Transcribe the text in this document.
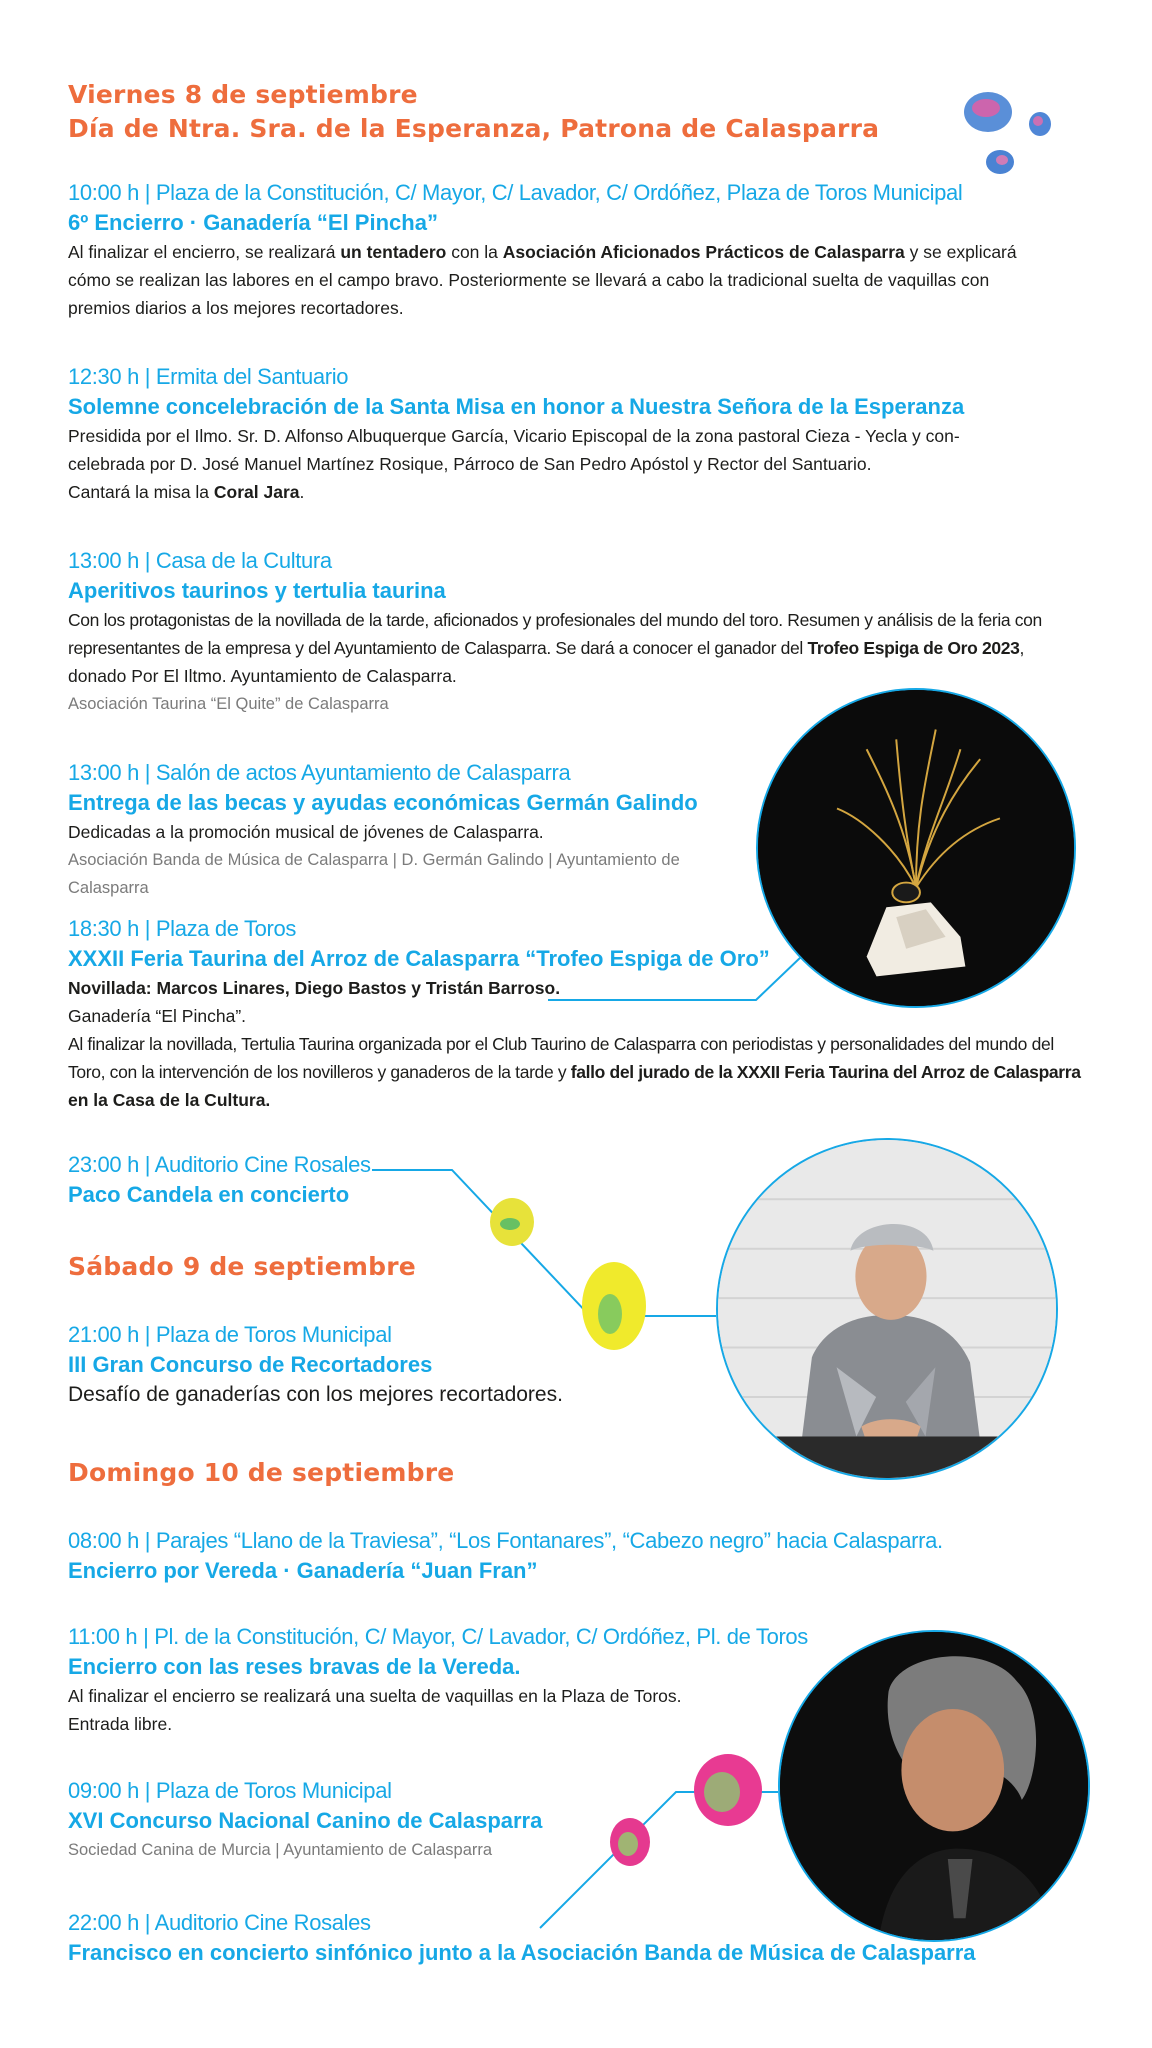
Viernes 8 de septiembre
Día de Ntra. Sra. de la Esperanza, Patrona de Calasparra
10:00 h | Plaza de la Constitución, C/ Mayor, C/ Lavador, C/ Ordóñez, Plaza de Toros Municipal
6º Encierro · Ganadería “El Pincha”
Al finalizar el encierro, se realizará un tentadero con la Asociación Aficionados Prácticos de Calasparra y se explicará
cómo se realizan las labores en el campo bravo. Posteriormente se llevará a cabo la tradicional suelta de vaquillas con
premios diarios a los mejores recortadores.
12:30 h | Ermita del Santuario
Solemne concelebración de la Santa Misa en honor a Nuestra Señora de la Esperanza
Presidida por el Ilmo. Sr. D. Alfonso Albuquerque García, Vicario Episcopal de la zona pastoral Cieza - Yecla y con-
celebrada por D. José Manuel Martínez Rosique, Párroco de San Pedro Apóstol y Rector del Santuario.
Cantará la misa la Coral Jara.
13:00 h | Casa de la Cultura
Aperitivos taurinos y tertulia taurina
Con los protagonistas de la novillada de la tarde, aficionados y profesionales del mundo del toro. Resumen y análisis de la feria con
representantes de la empresa y del Ayuntamiento de Calasparra. Se dará a conocer el ganador del Trofeo Espiga de Oro 2023,
donado Por El Iltmo. Ayuntamiento de Calasparra.
Asociación Taurina “El Quite” de Calasparra
13:00 h | Salón de actos Ayuntamiento de Calasparra
Entrega de las becas y ayudas económicas Germán Galindo
Dedicadas a la promoción musical de jóvenes de Calasparra.
Asociación Banda de Música de Calasparra | D. Germán Galindo | Ayuntamiento de Calasparra
18:30 h | Plaza de Toros
XXXII Feria Taurina del Arroz de Calasparra “Trofeo Espiga de Oro”
Novillada: Marcos Linares, Diego Bastos y Tristán Barroso.
Ganadería “El Pincha”.
Al finalizar la novillada, Tertulia Taurina organizada por el Club Taurino de Calasparra con periodistas y personalidades del mundo del
Toro, con la intervención de los novilleros y ganaderos de la tarde y fallo del jurado de la XXXII Feria Taurina del Arroz de Calasparra
en la Casa de la Cultura.
23:00 h | Auditorio Cine Rosales
Paco Candela en concierto
Sábado 9 de septiembre
21:00 h | Plaza de Toros Municipal
III Gran Concurso de Recortadores
Desafío de ganaderías con los mejores recortadores.
Domingo 10 de septiembre
08:00 h | Parajes “Llano de la Traviesa”, “Los Fontanares”, “Cabezo negro” hacia Calasparra.
Encierro por Vereda · Ganadería “Juan Fran”
11:00 h | Pl. de la Constitución, C/ Mayor, C/ Lavador, C/ Ordóñez, Pl. de Toros
Encierro con las reses bravas de la Vereda.
Al finalizar el encierro se realizará una suelta de vaquillas en la Plaza de Toros.
Entrada libre.
09:00 h | Plaza de Toros Municipal
XVI Concurso Nacional Canino de Calasparra
Sociedad Canina de Murcia | Ayuntamiento de Calasparra
22:00 h | Auditorio Cine Rosales
Francisco en concierto sinfónico junto a la Asociación Banda de Música de Calasparra
